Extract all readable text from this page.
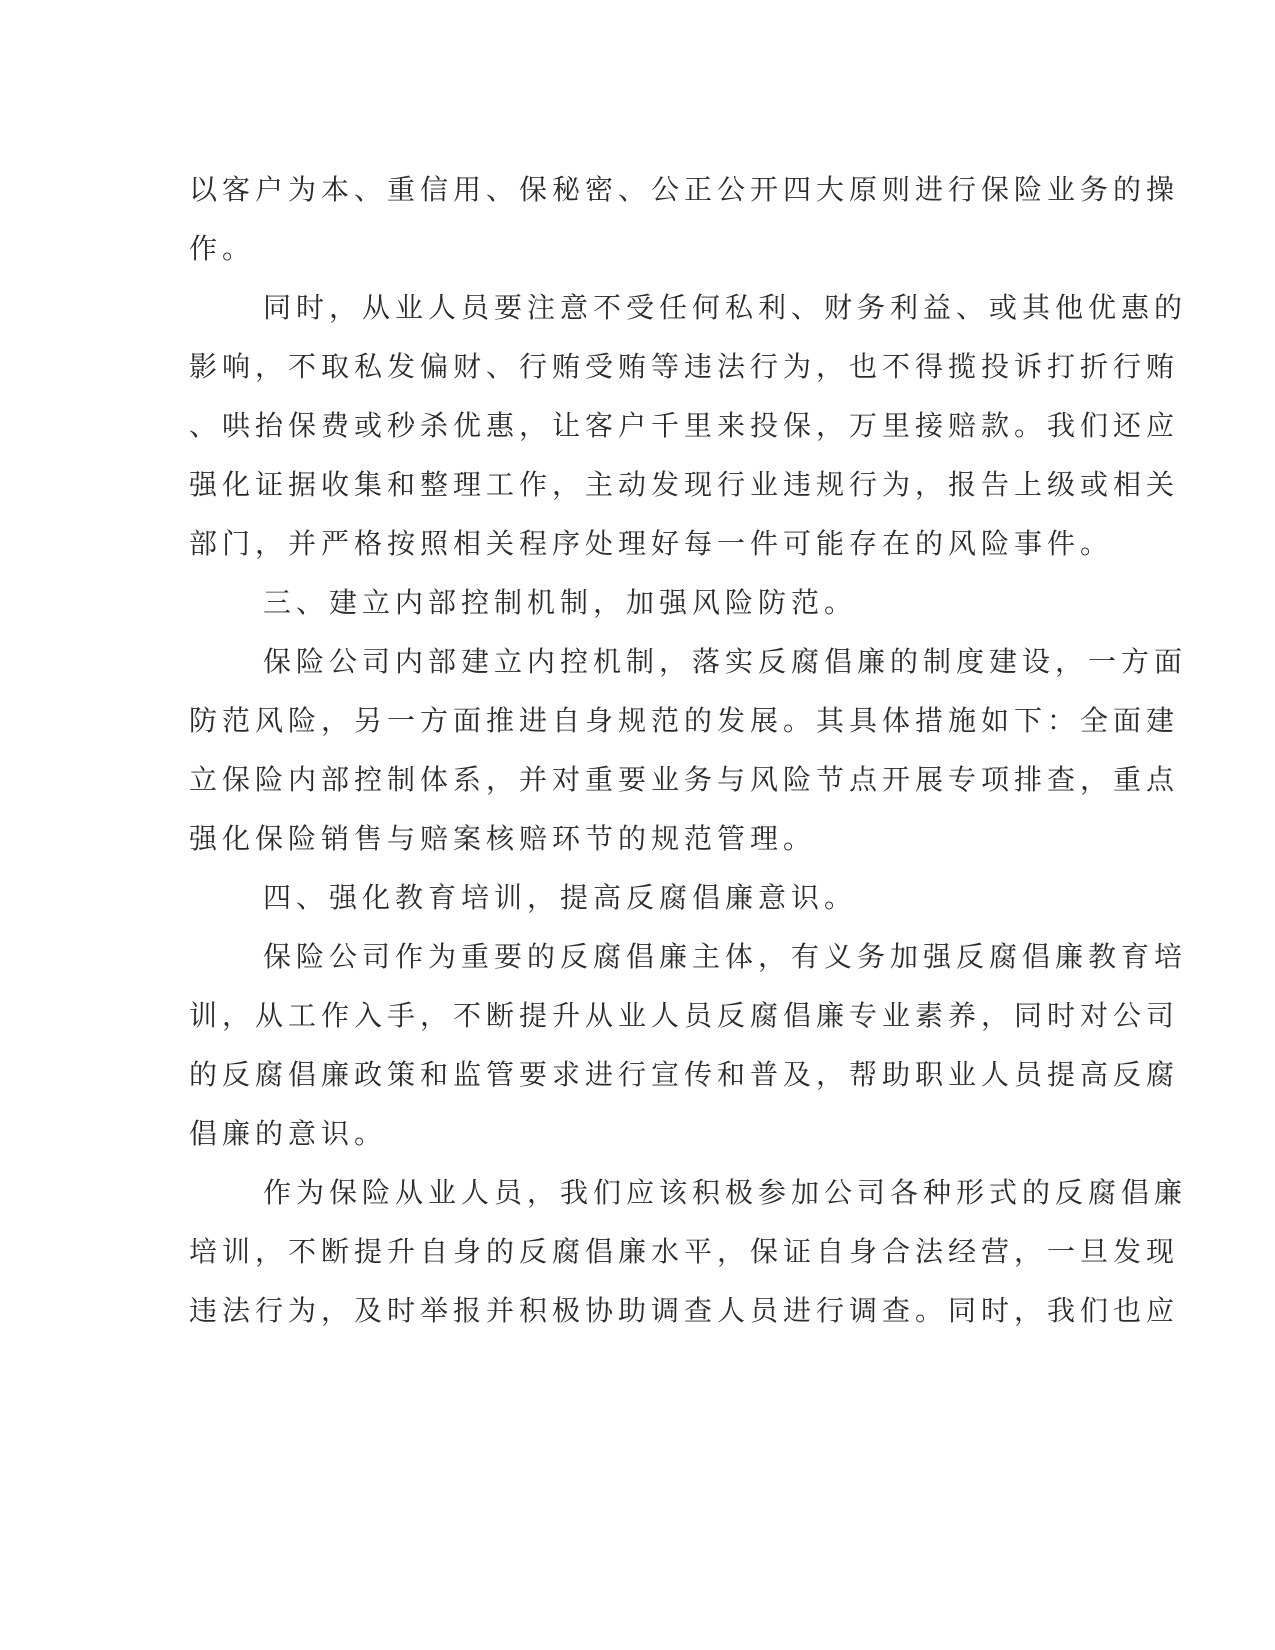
以客户为本、重信用、保秘密、公正公开四大原则进行保险业务的操
作。
同时，从业人员要注意不受任何私利、财务利益、或其他优惠的
影响，不取私发偏财、行贿受贿等违法行为，也不得揽投诉打折行贿
、哄抬保费或秒杀优惠，让客户千里来投保，万里接赔款。我们还应
强化证据收集和整理工作，主动发现行业违规行为，报告上级或相关
部门，并严格按照相关程序处理好每一件可能存在的风险事件。
三、建立内部控制机制，加强风险防范。
保险公司内部建立内控机制，落实反腐倡廉的制度建设，一方面
防范风险，另一方面推进自身规范的发展。其具体措施如下：全面建
立保险内部控制体系，并对重要业务与风险节点开展专项排查，重点
强化保险销售与赔案核赔环节的规范管理。
四、强化教育培训，提高反腐倡廉意识。
保险公司作为重要的反腐倡廉主体，有义务加强反腐倡廉教育培
训，从工作入手，不断提升从业人员反腐倡廉专业素养，同时对公司
的反腐倡廉政策和监管要求进行宣传和普及，帮助职业人员提高反腐
倡廉的意识。
作为保险从业人员，我们应该积极参加公司各种形式的反腐倡廉
培训，不断提升自身的反腐倡廉水平，保证自身合法经营，一旦发现
违法行为，及时举报并积极协助调查人员进行调查。同时，我们也应
